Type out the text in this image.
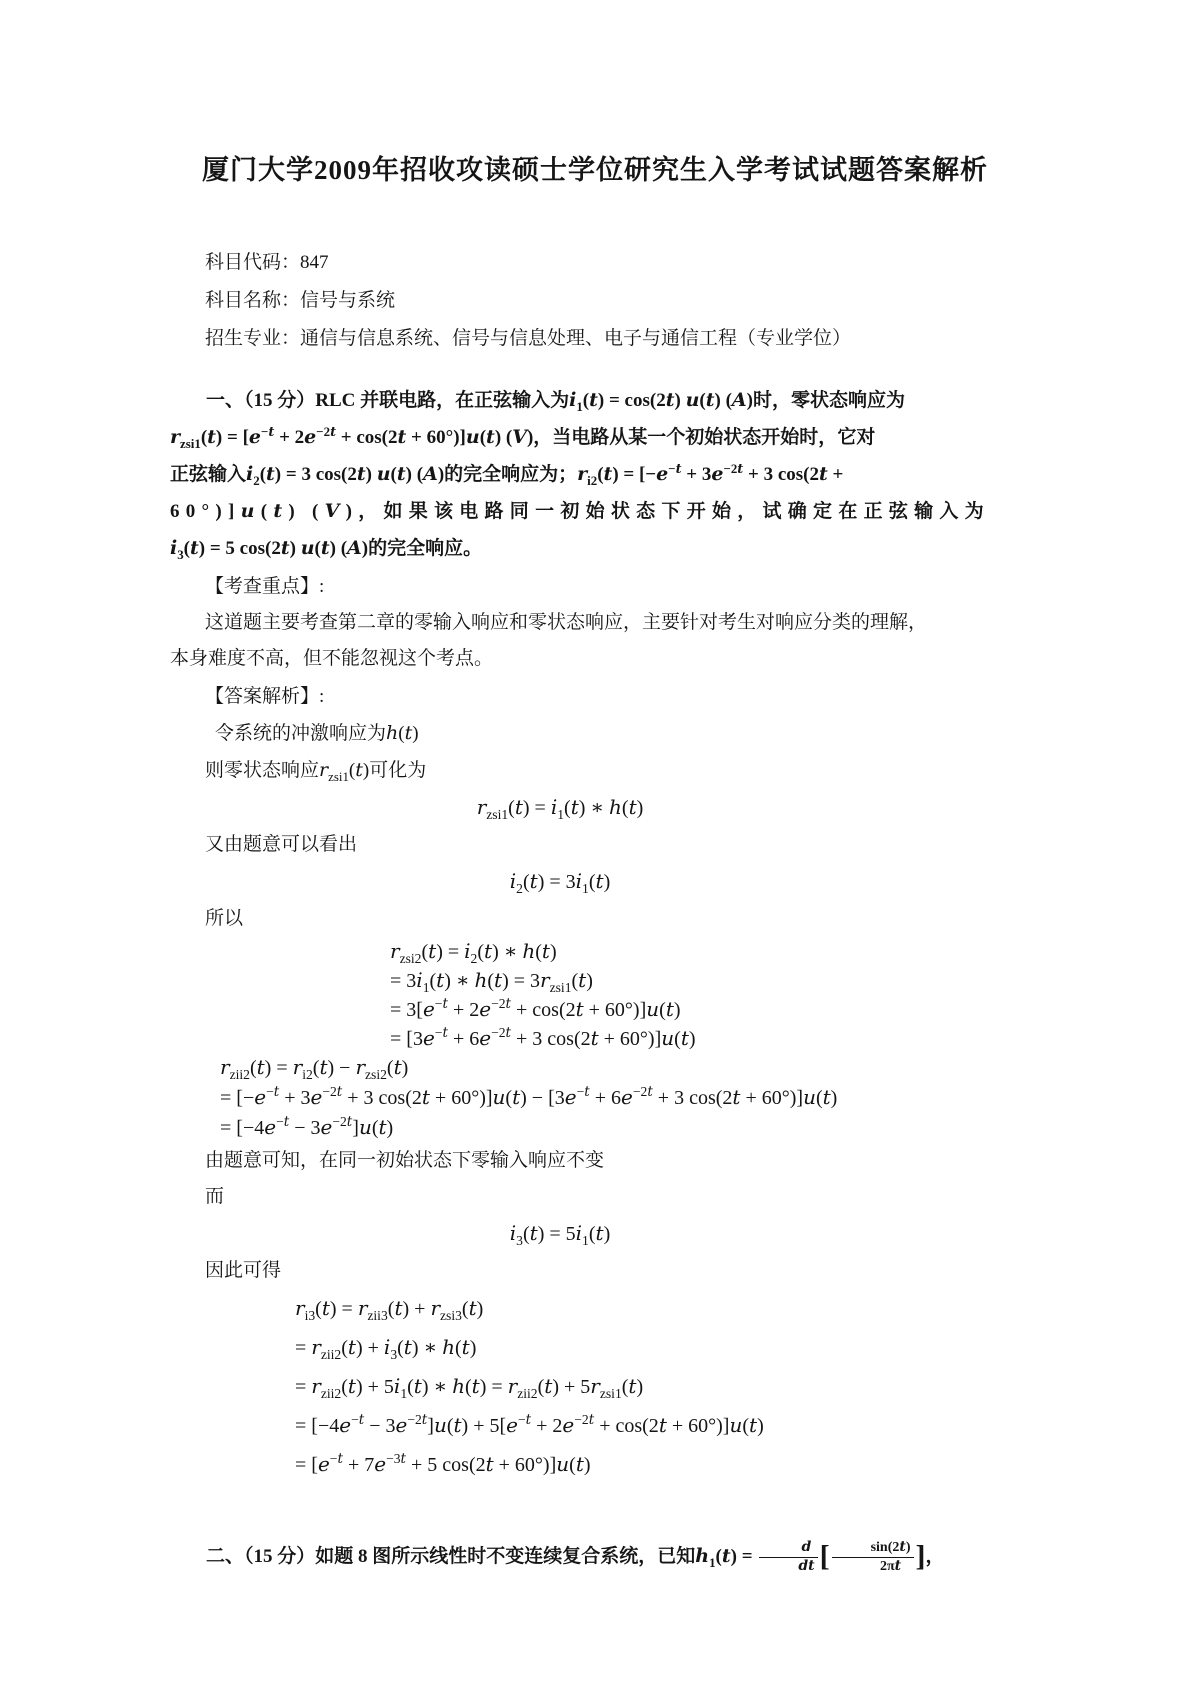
厦门大学2009年招收攻读硕士学位研究生入学考试试题答案解析
科目代码：847
科目名称：信号与系统
招生专业：通信与信息系统、信号与信息处理、电子与通信工程（专业学位）
一、（15 分）RLC 并联电路，在正弦输入为$i_1(t) = \cos(2t)$ u(t) (A)时，零状态响应为
$r_{zsi1}(t) = [e^{-t} + 2e^{-2t} + \cos(2t + 60^\circ)]u(t)$ (V)，当电路从某一个初始状态开始时，它对
正弦输入$i_2(t) = 3$ cos(2t) u(t) (A)的完全响应为；$r_{i2}(t) = [-e^{-t} + 3e^{-2t} + 3$ cos(2t +
60°)]u(t) (V)，如果该电路同一初始状态下开始，试确定在正弦输入为
$i_3(t) = 5$ cos(2t) u(t) (A)的完全响应。
【考查重点】:
这道题主要考查第二章的零输入响应和零状态响应，主要针对考生对响应分类的理解，
本身难度不高，但不能忽视这个考点。
【答案解析】:
令系统的冲激响应为h(t)
则零状态响应$r_{zsi1}(t)$可化为
$r_{zsi1}(t) = i_1(t)$ ∗ h(t)
又由题意可以看出
$i_2(t) = 3i_1(t)$
所以
$r_{zsi2}(t) = i_2(t)$ ∗ h(t)
= $3i_1(t)$ ∗ $h(t) = 3r_{zsi1}(t)$
= $3[e^{-t} + 2e^{-2t} + \cos(2t + 60^\circ)]u(t)$
= [$3e^{-t} + 6e^{-2t} + 3$ cos(2t + 60°)]u(t)
$r_{zii2}(t) = r_{i2}(t) - r_{zsi2}(t)$
= [$-e^{-t} + 3e^{-2t} + 3$ $\cos(2t + 60^\circ)]u(t) - [3e^{-t} + 6e^{-2t} + 3$ cos(2t + 60°)]u(t)
= $[-4e^{-t} - 3e^{-2t}]u(t)$
由题意可知，在同一初始状态下零输入响应不变
而
$i_3(t) = 5i_1(t)$
因此可得
$r_{i3}(t) = r_{zii3}(t) + r_{zsi3}(t)$
= $r_{zii2}(t) + i_3(t)$ ∗ h(t)
= $r_{zii2}(t) + 5i_1(t)$ ∗ $h(t) = r_{zii2}(t) + 5r_{zsi1}(t)$
= $[-4e^{-t} - 3e^{-2t}]u(t) + 5[e^{-t} + 2e^{-2t} + \cos(2t + 60^\circ)]u(t)$
= [$e^{-t} + 7e^{-3t} + 5$ cos(2t + 60°)]u(t)
二、（15 分）如题 8 图所示线性时不变连续复合系统，已知$h_1(t) = \frac{d}{dt}$ [ $\frac{\sin(2t)}{2\pi t}$ ]，
